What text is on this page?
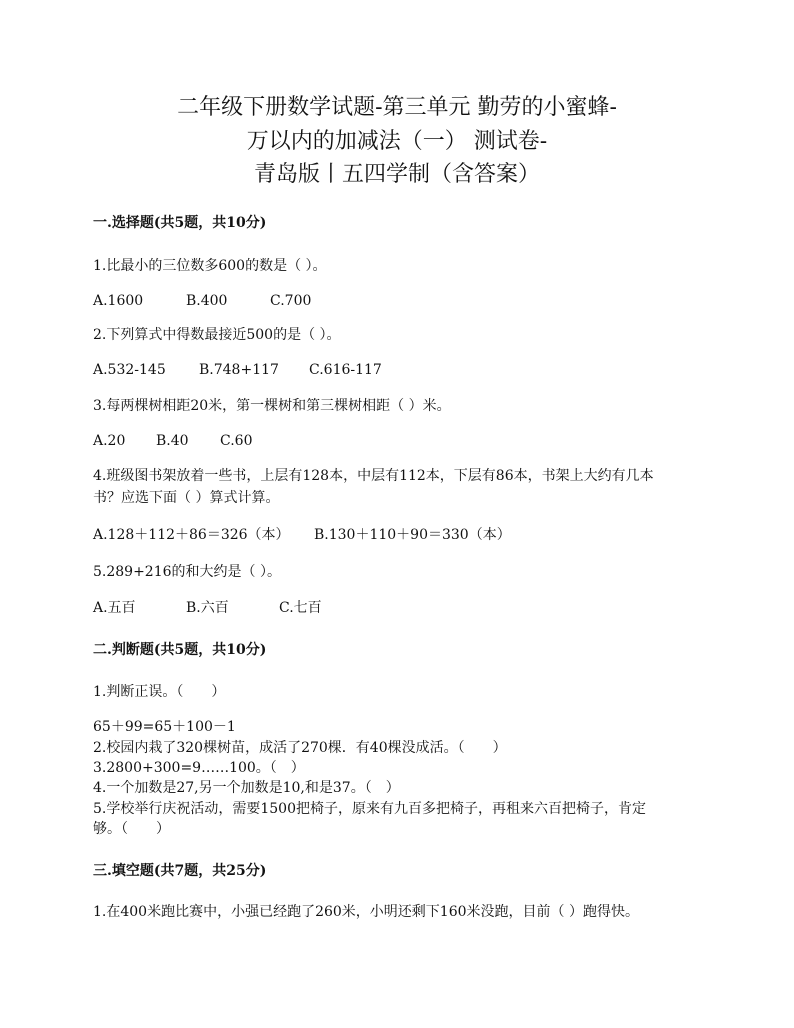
二年级下册数学试题-第三单元 勤劳的小蜜蜂-
万以内的加减法（一） 测试卷-
青岛版丨五四学制（含答案）
一.选择题(共5题，共10分)
1.比最小的三位数多600的数是（ ）。
A.1600	B.400	C.700
2.下列算式中得数最接近500的是（ ）。
A.532-145 B.748+117 C.616-117
3.每两棵树相距20米，第一棵树和第三棵树相距（ ）米。
A.20 B.40 C.60
4.班级图书架放着一些书，上层有128本，中层有112本，下层有86本，书架上大约有几本
书？应选下面（ ）算式计算。
A.128＋112＋86＝326（本） B.130＋110＋90＝330（本）
5.289+216的和大约是（ ）。
A.五百	B.六百	C.七百
二.判断题(共5题，共10分)
1.判断正误。（　　）
65＋99=65＋100－1
2.校园内栽了320棵树苗，成活了270棵．有40棵没成活。（　　）
3.2800+300=9……100。（　）
4.一个加数是27,另一个加数是10,和是37。（　）
5.学校举行庆祝活动，需要1500把椅子，原来有九百多把椅子，再租来六百把椅子，肯定
够。（　　）
三.填空题(共7题，共25分)
1.在400米跑比赛中，小强已经跑了260米，小明还剩下160米没跑，目前（ ）跑得快。
